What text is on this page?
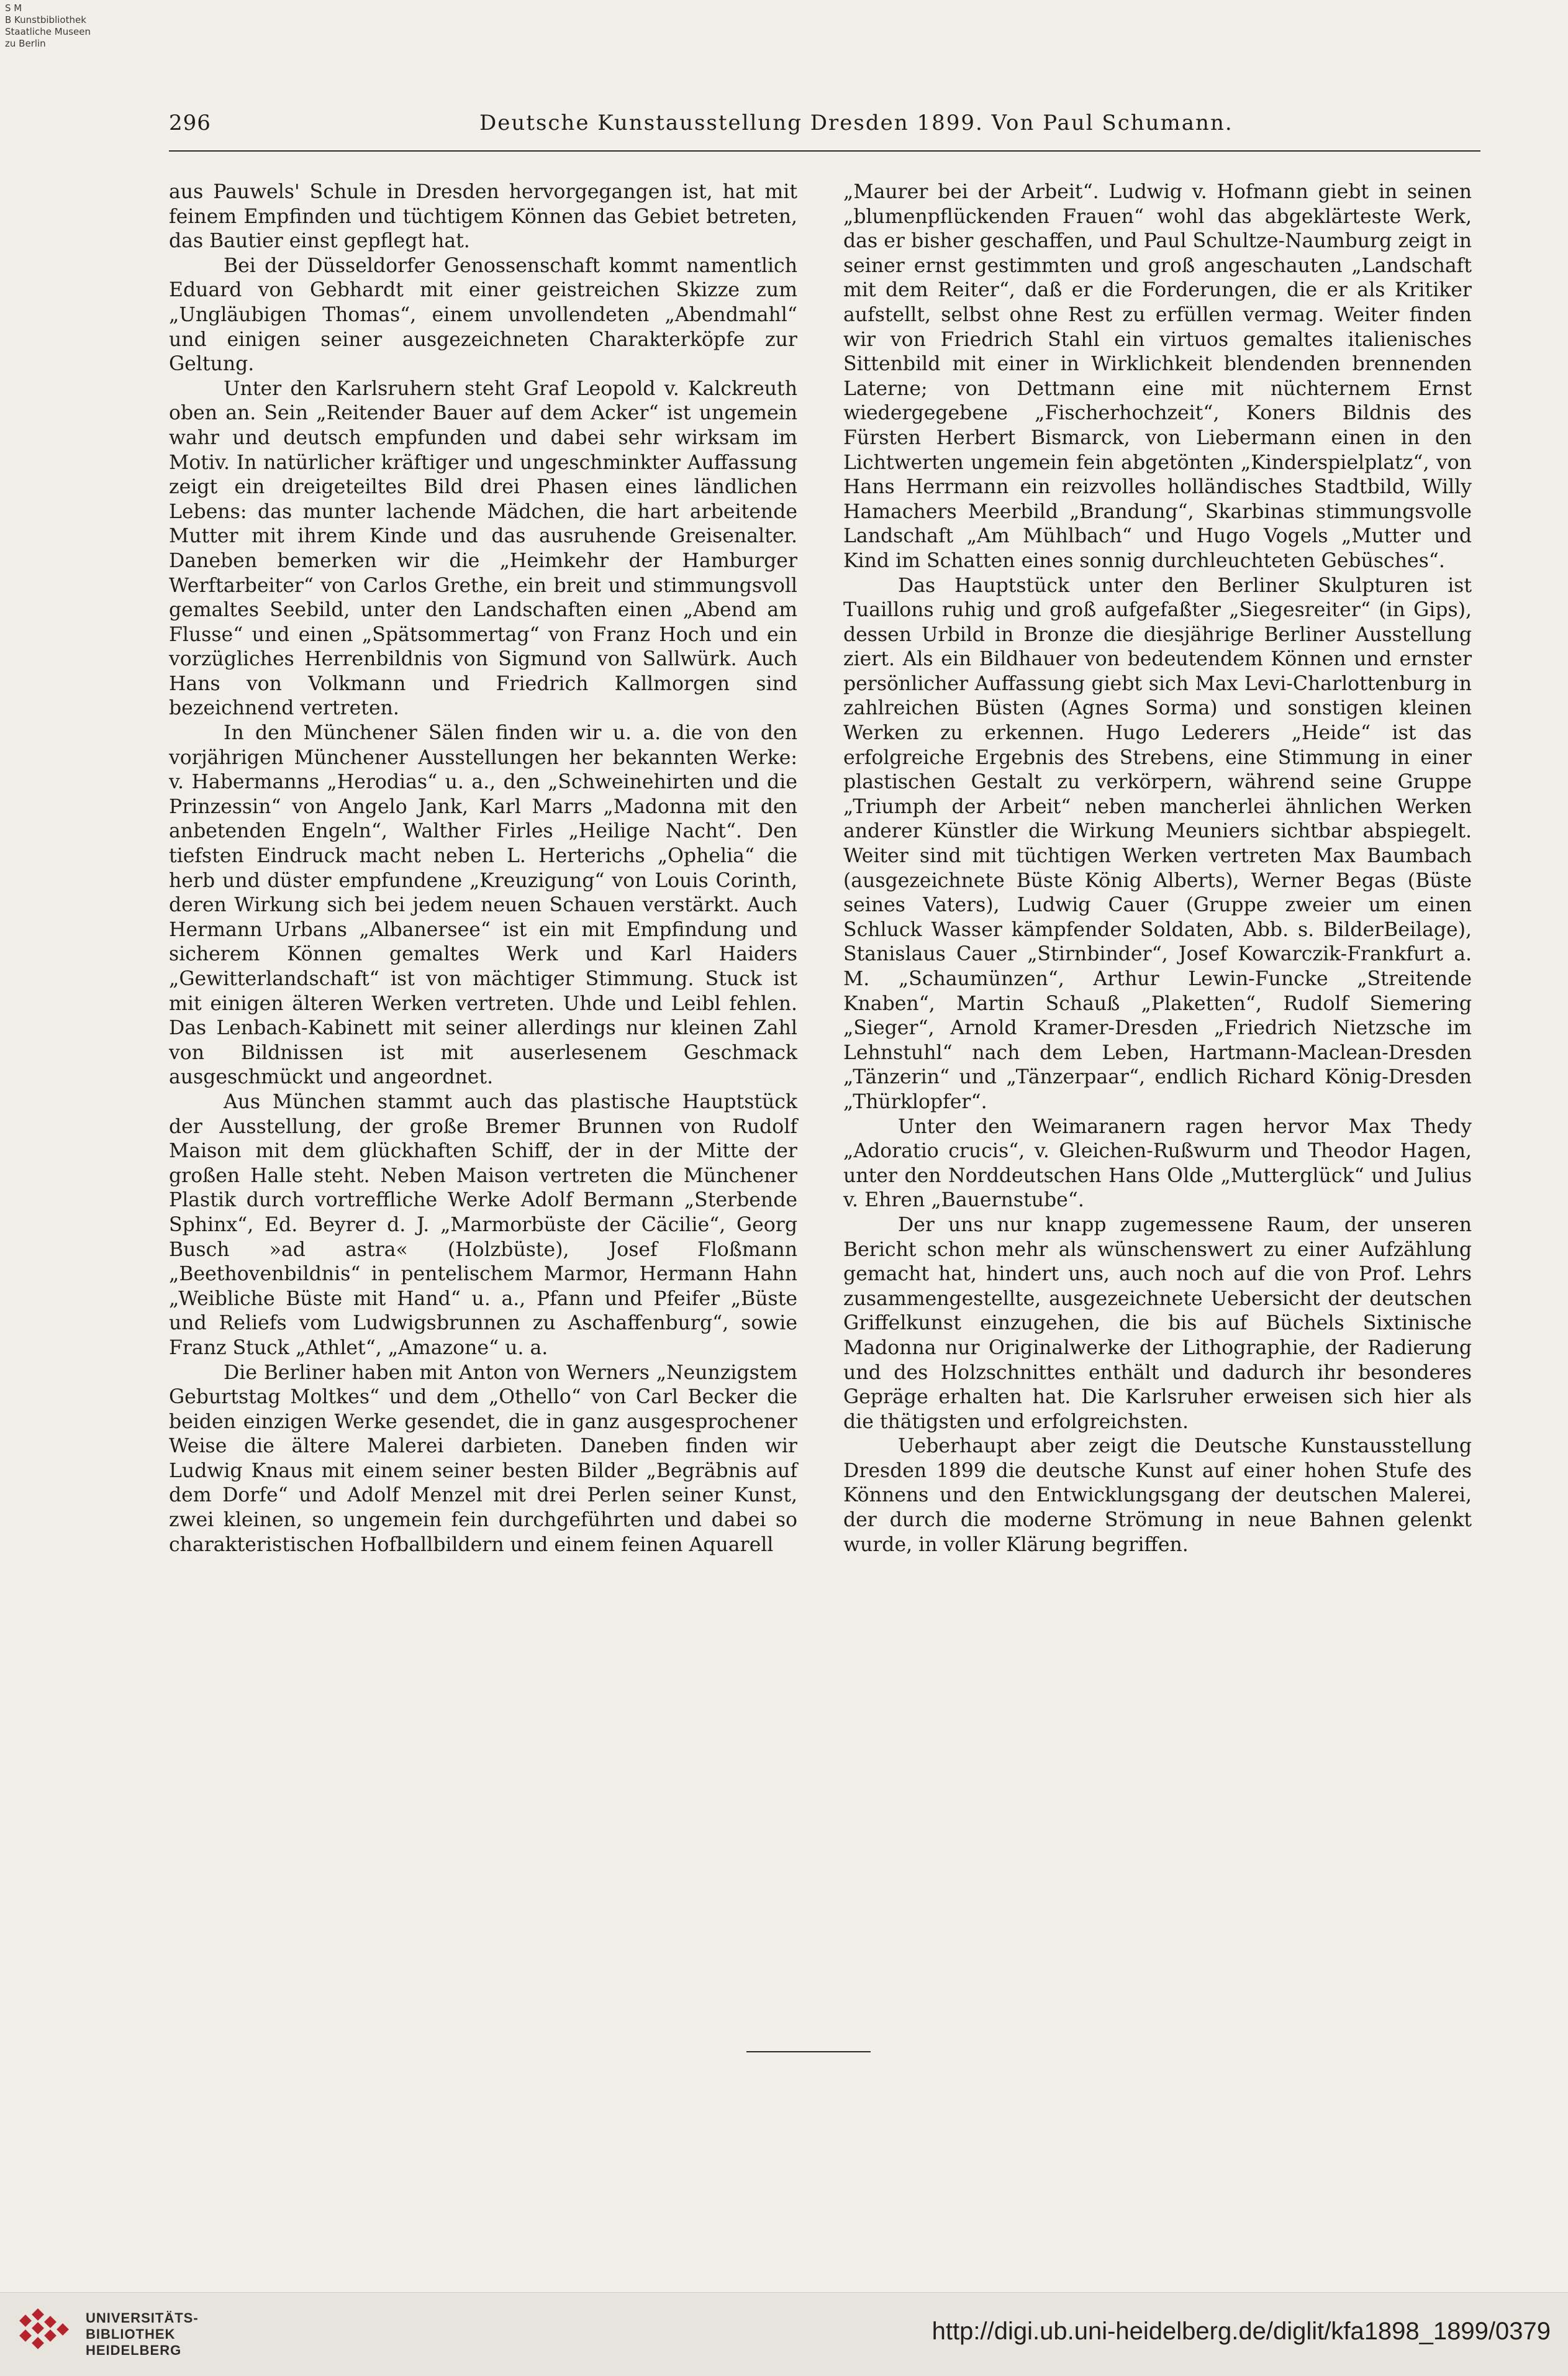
S M
B Kunstbibliothek
Staatliche Museen
zu Berlin
296	Deutsche Kunstausstellung Dresden 1899. Von Paul Schumann.

aus Pauwels' Schule in Dresden hervorgegangen ist, hat mit feinem Empfinden und tüchtigem Können das Gebiet betreten, das Bautier einst gepflegt hat.

Bei der Düsseldorfer Genossenschaft kommt namentlich Eduard von Gebhardt mit einer geistreichen Skizze zum „Ungläubigen Thomas“, einem unvollendeten „Abendmahl“ und einigen seiner ausgezeichneten Charakterköpfe zur Geltung.

Unter den Karlsruhern steht Graf Leopold v. Kalckreuth oben an. Sein „Reitender Bauer auf dem Acker“ ist ungemein wahr und deutsch empfunden und dabei sehr wirksam im Motiv. In natürlicher kräftiger und ungeschminkter Auffassung zeigt ein dreigeteiltes Bild drei Phasen eines ländlichen Lebens: das munter lachende Mädchen, die hart arbeitende Mutter mit ihrem Kinde und das ausruhende Greisenalter. Daneben bemerken wir die „Heimkehr der Hamburger Werftarbeiter“ von Carlos Grethe, ein breit und stimmungsvoll gemaltes Seebild, unter den Landschaften einen „Abend am Flusse“ und einen „Spätsommertag“ von Franz Hoch und ein vorzügliches Herrenbildnis von Sigmund von Sallwürk. Auch Hans von Volkmann und Friedrich Kallmorgen sind bezeichnend vertreten.

In den Münchener Sälen finden wir u. a. die von den vorjährigen Münchener Ausstellungen her bekannten Werke: v. Habermanns „Herodias“ u. a., den „Schweinehirten und die Prinzessin“ von Angelo Jank, Karl Marrs „Madonna mit den anbetenden Engeln“, Walther Firles „Heilige Nacht“. Den tiefsten Eindruck macht neben L. Herterichs „Ophelia“ die herb und düster empfundene „Kreuzigung“ von Louis Corinth, deren Wirkung sich bei jedem neuen Schauen verstärkt. Auch Hermann Urbans „Albanersee“ ist ein mit Empfindung und sicherem Können gemaltes Werk und Karl Haiders „Gewitterlandschaft“ ist von mächtiger Stimmung. Stuck ist mit einigen älteren Werken vertreten. Uhde und Leibl fehlen. Das Lenbach-Kabinett mit seiner allerdings nur kleinen Zahl von Bildnissen ist mit auserlesenem Geschmack ausgeschmückt und angeordnet.

Aus München stammt auch das plastische Hauptstück der Ausstellung, der große Bremer Brunnen von Rudolf Maison mit dem glückhaften Schiff, der in der Mitte der großen Halle steht. Neben Maison vertreten die Münchener Plastik durch vortreffliche Werke Adolf Bermann „Sterbende Sphinx“, Ed. Beyrer d. J. „Marmorbüste der Cäcilie“, Georg Busch »ad astra« (Holzbüste), Josef Floßmann „Beethovenbildnis“ in pentelischem Marmor, Hermann Hahn „Weibliche Büste mit Hand“ u. a., Pfann und Pfeifer „Büste und Reliefs vom Ludwigsbrunnen zu Aschaffenburg“, sowie Franz Stuck „Athlet“, „Amazone“ u. a.

Die Berliner haben mit Anton von Werners „Neunzigstem Geburtstag Moltkes“ und dem „Othello“ von Carl Becker die beiden einzigen Werke gesendet, die in ganz ausgesprochener Weise die ältere Malerei darbieten. Daneben finden wir Ludwig Knaus mit einem seiner besten Bilder „Begräbnis auf dem Dorfe“ und Adolf Menzel mit drei Perlen seiner Kunst, zwei kleinen, so ungemein fein durchgeführten und dabei so charakteristischen Hofballbildern und einem feinen Aquarell

„Maurer bei der Arbeit“. Ludwig v. Hofmann giebt in seinen „blumenpflückenden Frauen“ wohl das abgeklärteste Werk, das er bisher geschaffen, und Paul Schultze-Naumburg zeigt in seiner ernst gestimmten und groß angeschauten „Landschaft mit dem Reiter“, daß er die Forderungen, die er als Kritiker aufstellt, selbst ohne Rest zu erfüllen vermag. Weiter finden wir von Friedrich Stahl ein virtuos gemaltes italienisches Sittenbild mit einer in Wirklichkeit blendenden brennenden Laterne; von Dettmann eine mit nüchternem Ernst wiedergegebene „Fischerhochzeit“, Koners Bildnis des Fürsten Herbert Bismarck, von Liebermann einen in den Lichtwerten ungemein fein abgetönten „Kinderspielplatz“, von Hans Herrmann ein reizvolles holländisches Stadtbild, Willy Hamachers Meerbild „Brandung“, Skarbinas stimmungsvolle Landschaft „Am Mühlbach“ und Hugo Vogels „Mutter und Kind im Schatten eines sonnig durchleuchteten Gebüsches“.

Das Hauptstück unter den Berliner Skulpturen ist Tuaillons ruhig und groß aufgefaßter „Siegesreiter“ (in Gips), dessen Urbild in Bronze die diesjährige Berliner Ausstellung ziert. Als ein Bildhauer von bedeutendem Können und ernster persönlicher Auffassung giebt sich Max Levi-Charlottenburg in zahlreichen Büsten (Agnes Sorma) und sonstigen kleinen Werken zu erkennen. Hugo Lederers „Heide“ ist das erfolgreiche Ergebnis des Strebens, eine Stimmung in einer plastischen Gestalt zu verkörpern, während seine Gruppe „Triumph der Arbeit“ neben mancherlei ähnlichen Werken anderer Künstler die Wirkung Meuniers sichtbar abspiegelt. Weiter sind mit tüchtigen Werken vertreten Max Baumbach (ausgezeichnete Büste König Alberts), Werner Begas (Büste seines Vaters), Ludwig Cauer (Gruppe zweier um einen Schluck Wasser kämpfender Soldaten, Abb. s. BilderBeilage), Stanislaus Cauer „Stirnbinder“, Josef Kowarczik-Frankfurt a. M. „Schaumünzen“, Arthur Lewin-Funcke „Streitende Knaben“, Martin Schauß „Plaketten“, Rudolf Siemering „Sieger“, Arnold Kramer-Dresden „Friedrich Nietzsche im Lehnstuhl“ nach dem Leben, Hartmann-Maclean-Dresden „Tänzerin“ und „Tänzerpaar“, endlich Richard König-Dresden „Thürklopfer“.

Unter den Weimaranern ragen hervor Max Thedy „Adoratio crucis“, v. Gleichen-Rußwurm und Theodor Hagen, unter den Norddeutschen Hans Olde „Mutterglück“ und Julius v. Ehren „Bauernstube“.

Der uns nur knapp zugemessene Raum, der unseren Bericht schon mehr als wünschenswert zu einer Aufzählung gemacht hat, hindert uns, auch noch auf die von Prof. Lehrs zusammengestellte, ausgezeichnete Uebersicht der deutschen Griffelkunst einzugehen, die bis auf Büchels Sixtinische Madonna nur Originalwerke der Lithographie, der Radierung und des Holzschnittes enthält und dadurch ihr besonderes Gepräge erhalten hat. Die Karlsruher erweisen sich hier als die thätigsten und erfolgreichsten.

Ueberhaupt aber zeigt die Deutsche Kunstausstellung Dresden 1899 die deutsche Kunst auf einer hohen Stufe des Könnens und den Entwicklungsgang der deutschen Malerei, der durch die moderne Strömung in neue Bahnen gelenkt wurde, in voller Klärung begriffen.

UNIVERSITÄTS-
BIBLIOTHEK
HEIDELBERG
http://digi.ub.uni-heidelberg.de/diglit/kfa1898_1899/0379
